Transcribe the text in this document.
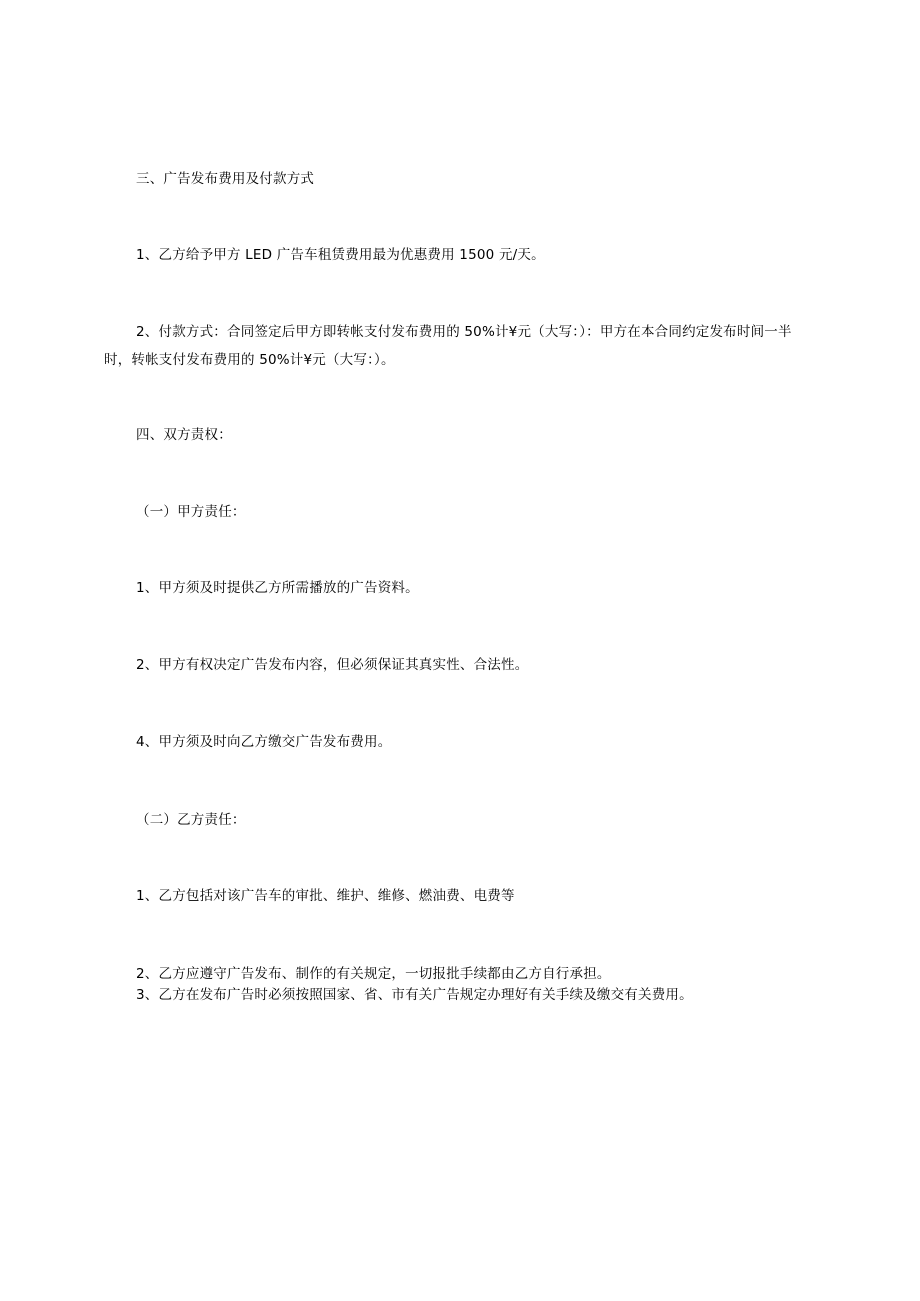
三、广告发布费用及付款方式
1、乙方给予甲方 LED 广告车租赁费用最为优惠费用 1500 元/天。
2、付款方式：合同签定后甲方即转帐支付发布费用的 50%计¥元（大写：）：甲方在本合同约定发布时间一半时，转帐支付发布费用的 50%计¥元（大写：）。
四、双方责权：
（一）甲方责任：
1、甲方须及时提供乙方所需播放的广告资料。
2、甲方有权决定广告发布内容，但必须保证其真实性、合法性。
4、甲方须及时向乙方缴交广告发布费用。
（二）乙方责任：
1、乙方包括对该广告车的审批、维护、维修、燃油费、电费等
2、乙方应遵守广告发布、制作的有关规定，一切报批手续都由乙方自行承担。
3、乙方在发布广告时必须按照国家、省、市有关广告规定办理好有关手续及缴交有关费用。
